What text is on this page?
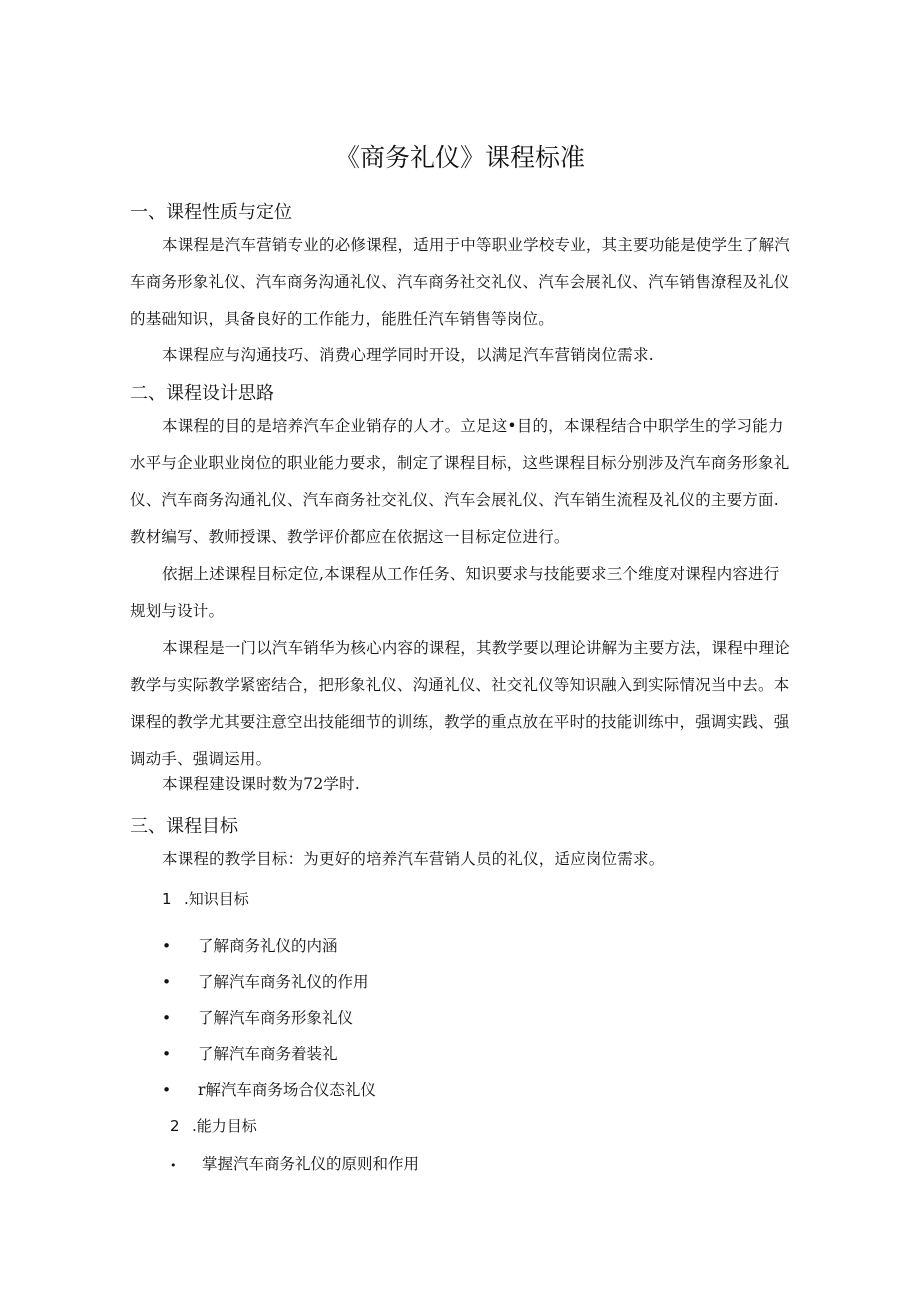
《商务礼仪》课程标准
一、课程性质与定位

本课程是汽车营销专业的必修课程，适用于中等职业学校专业，其主要功能是使学生了解汽车商务形象礼仪、汽车商务沟通礼仪、汽车商务社交礼仪、汽车会展礼仪、汽车销售潦程及礼仪的基础知识，具备良好的工作能力，能胜任汽车销售等岗位。

本课程应与沟通技巧、消费心理学同时开设，以满足汽车营销岗位需求.

二、课程设计思路

本课程的目的是培养汽车企业销存的人才。立足这•目的，本课程结合中职学生的学习能力水平与企业职业岗位的职业能力要求，制定了课程目标，这些课程目标分别涉及汽车商务形象礼仪、汽车商务沟通礼仪、汽车商务社交礼仪、汽车会展礼仪、汽车销生流程及礼仪的主要方面.教材编写、教师授课、教学评价都应在依据这一目标定位进行。

依据上述课程目标定位,本课程从工作任务、知识要求与技能要求三个维度对课程内容进行规划与设计。

本课程是一门以汽车销华为核心内容的课程，其教学要以理论讲解为主要方法，课程中理论教学与实际教学紧密结合，把形象礼仪、沟通礼仪、社交礼仪等知识融入到实际情况当中去。本课程的教学尤其要注意空出技能细节的训练，教学的重点放在平时的技能训练中，强调实践、强调动手、强调运用。

本课程建设课时数为72学时.

三、课程目标

本课程的教学目标：为更好的培养汽车营销人员的礼仪，适应岗位需求。

1 .知识目标
• 了解商务礼仪的内涵
• 了解汽车商务礼仪的作用
• 了解汽车商务形象礼仪
• 了解汽车商务着装礼
• r解汽车商务场合仪态礼仪
2 .能力目标
• 掌握汽车商务礼仪的原则和作用
